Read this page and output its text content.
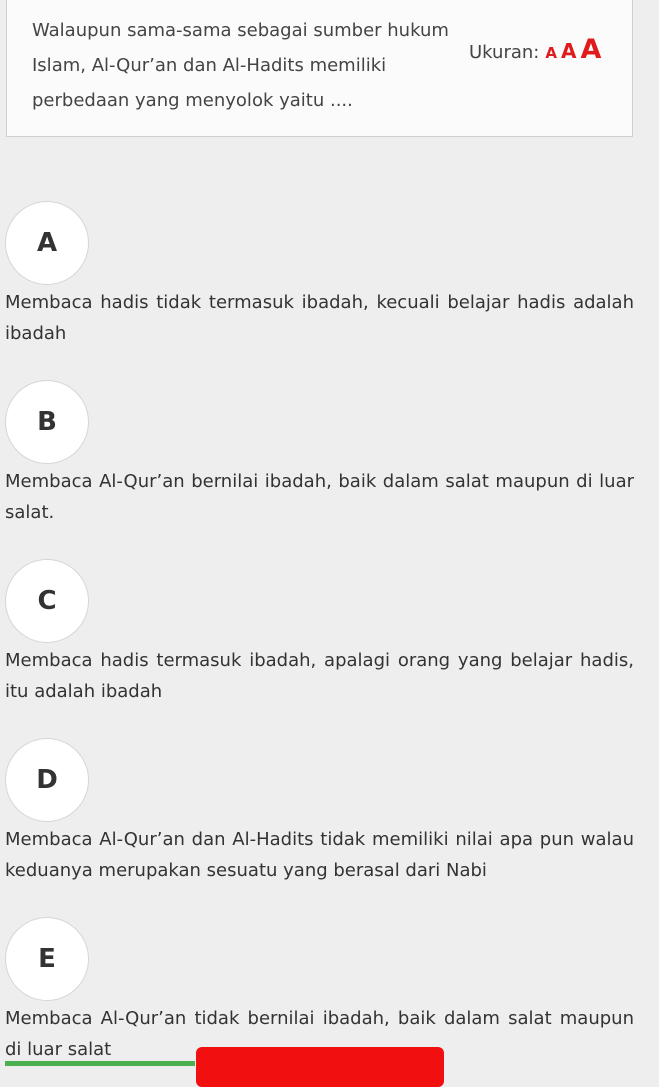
Walaupun sama-sama sebagai sumber hukum Islam, Al-Qur’an dan Al-Hadits memiliki perbedaan yang menyolok yaitu ....
Ukuran: A A A
A
Membaca hadis tidak termasuk ibadah, kecuali belajar hadis adalah ibadah
B
Membaca Al-Qur’an bernilai ibadah, baik dalam salat maupun di luar salat.
C
Membaca hadis termasuk ibadah, apalagi orang yang belajar hadis, itu adalah ibadah
D
Membaca Al-Qur’an dan Al-Hadits tidak memiliki nilai apa pun walau keduanya merupakan sesuatu yang berasal dari Nabi
E
Membaca Al-Qur’an tidak bernilai ibadah, baik dalam salat maupun di luar salat
